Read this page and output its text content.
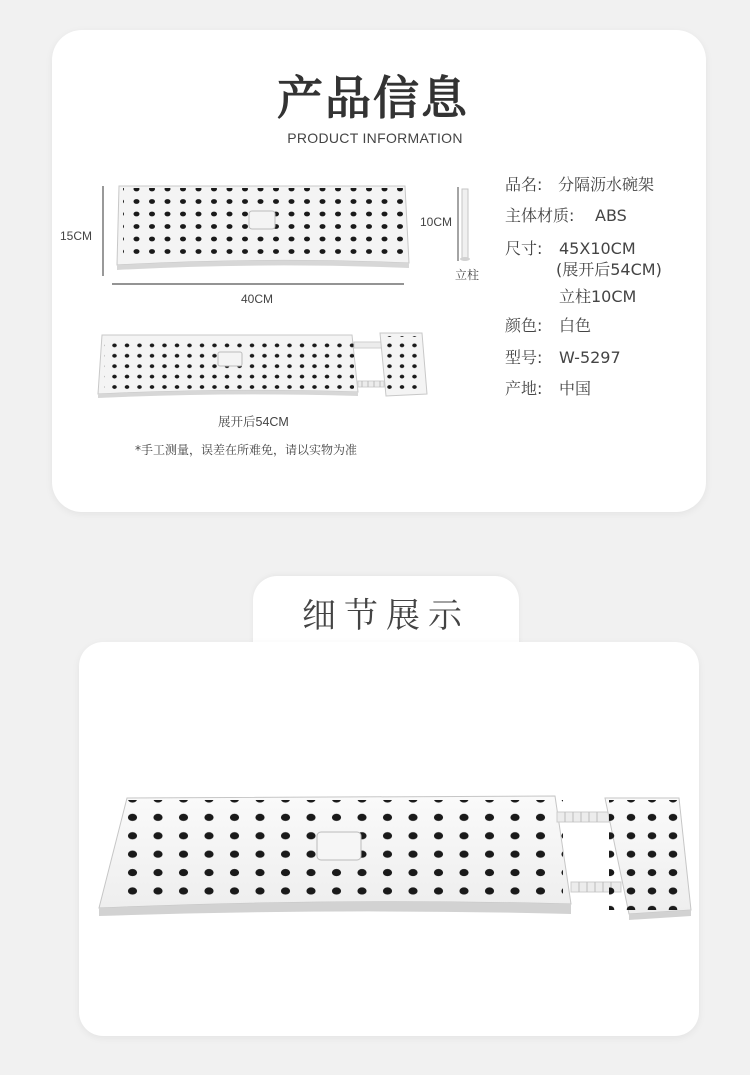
产品信息
PRODUCT INFORMATION
15CM
40CM
10CM
立柱
展开后54CM
*手工测量，误差在所难免，请以实物为准
品名: 分隔沥水碗架
主体材质: ABS
尺寸: 45X10CM
(展开后54CM)
立柱10CM
颜色: 白色
型号: W-5297
产地: 中国
细节展示
